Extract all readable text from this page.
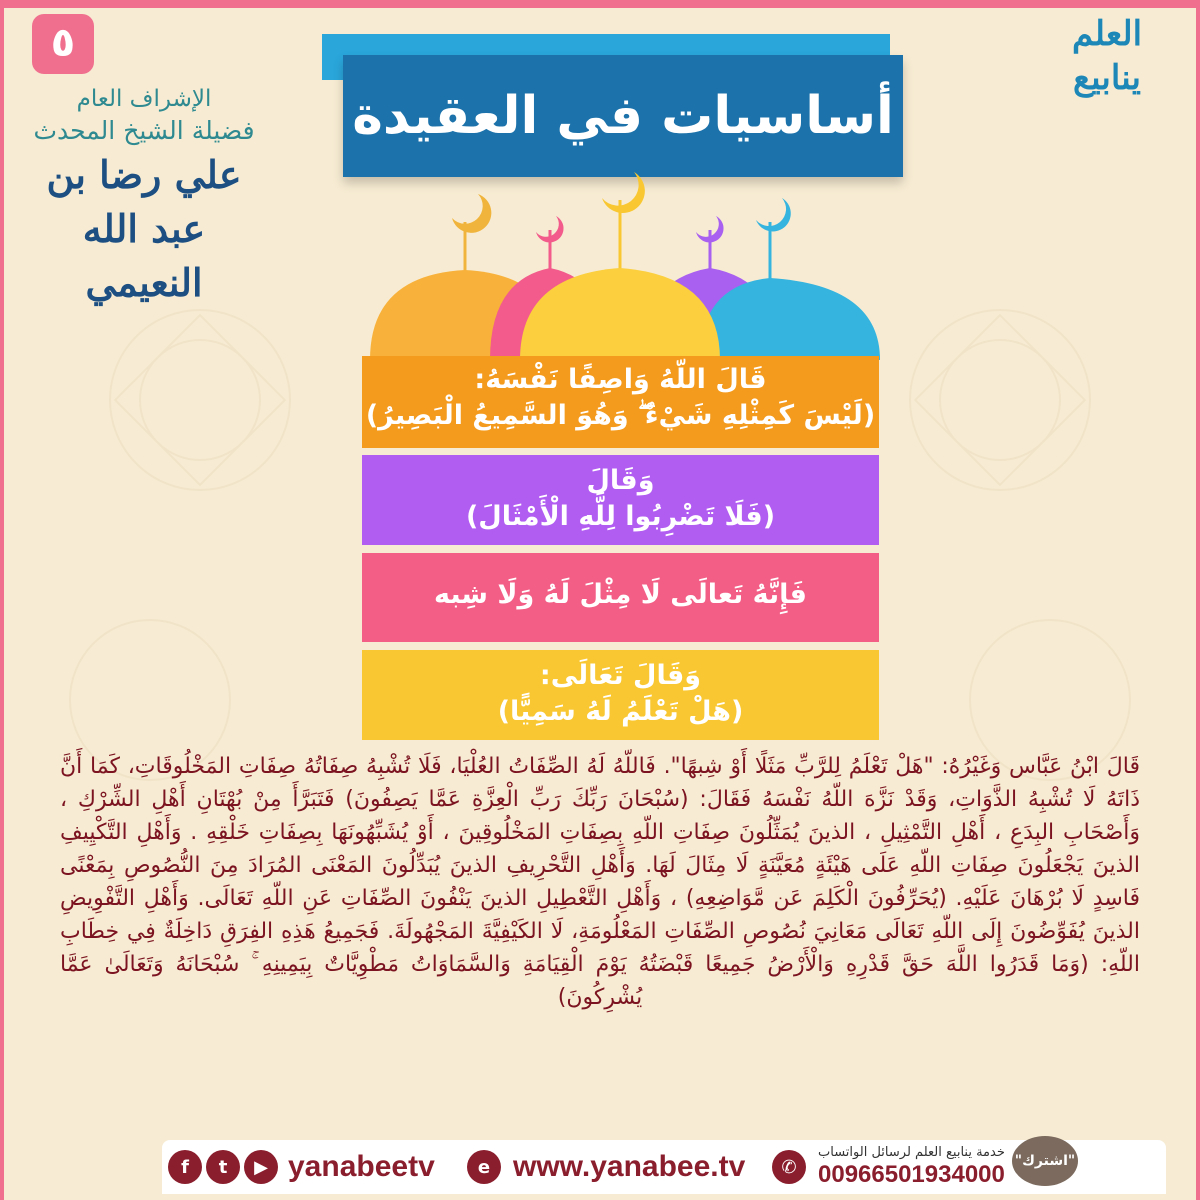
٥
الإشراف العام
فضيلة الشيخ المحدث
علي رضا بن عبد الله النعيمي
العلم
ينابيع
أساسيات في العقيدة
قَالَ اللّهُ وَاصِفًا نَفْسَهُ:
(لَيْسَ كَمِثْلِهِ شَيْءٌ ۖ وَهُوَ السَّمِيعُ الْبَصِيرُ)
وَقَالَ
(فَلَا تَضْرِبُوا لِلَّهِ الْأَمْثَالَ)
فَإِنَّهُ تَعالَى لَا مِثْلَ لَهُ وَلَا شِبه
وَقَالَ تَعَالَى:
(هَلْ تَعْلَمُ لَهُ سَمِيًّا)
قَالَ ابْنُ عَبَّاس وَغَيْرُهُ: "هَلْ تَعْلَمُ لِلرَّبِّ مَثَلًا أَوْ شِبهًا". فَاللّهُ لَهُ الصِّفَاتُ العُلْيَا، فَلَا تُشْبِهُ صِفَاتُهُ صِفَاتِ المَخْلُوقَاتِ، كَمَا أَنَّ ذَاتَهُ لَا تُشْبِهُ الذَّوَاتِ، وَقَدْ نَزَّهَ اللّهُ نَفْسَهُ فَقَالَ: (سُبْحَانَ رَبِّكَ رَبِّ الْعِزَّةِ عَمَّا يَصِفُونَ) فَتَبَرَّأَ مِنْ بُهْتَانِ أَهْلِ الشِّرْكِ ، وَأَصْحَابِ البِدَعِ ، أَهْلِ التَّمْثِيلِ ، الذينَ يُمَثِّلُونَ صِفَاتِ اللّهِ بِصِفَاتِ المَخْلُوقِينَ ، أَوْ يُشَبِّهُونَهَا بِصِفَاتِ خَلْقِهِ . وَأَهْلِ التَّكْيِيفِ الذينَ يَجْعَلُونَ صِفَاتِ اللّهِ عَلَى هَيْئَةٍ مُعَيَّنَةٍ لَا مِثَالَ لَهَا. وَأَهْلِ التَّحْرِيفِ الذينَ يُبَدِّلُونَ المَعْنَى المُرَادَ مِنَ النُّصُوصِ بِمَعْنًى فَاسِدٍ لَا بُرْهَانَ عَلَيْهِ. (يُحَرِّفُونَ الْكَلِمَ عَن مَّوَاضِعِهِ) ، وَأَهْلِ التَّعْطِيلِ الذينَ يَنْفُونَ الصِّفَاتِ عَنِ اللّهِ تَعَالَى. وَأَهْلِ التَّفْوِيضِ الذينَ يُفَوِّضُونَ إِلَى اللّهِ تَعَالَى مَعَانِيَ نُصُوصِ الصِّفَاتِ المَعْلُومَةِ، لَا الكَيْفِيَّةَ المَجْهُولَةَ. فَجَمِيعُ هَذِهِ الفِرَقِ دَاخِلَةٌ فِي خِطَابِ اللّهِ: (وَمَا قَدَرُوا اللَّهَ حَقَّ قَدْرِهِ وَالْأَرْضُ جَمِيعًا قَبْضَتُهُ يَوْمَ الْقِيَامَةِ وَالسَّمَاوَاتُ مَطْوِيَّاتٌ بِيَمِينِهِ ۚ سُبْحَانَهُ وَتَعَالَىٰ عَمَّا يُشْرِكُونَ)
f	t	▶ yanabeetv	e www.yanabee.tv	✆
خدمة ينابيع العلم لرسائل الواتساب
00966501934000 "اشترك"
